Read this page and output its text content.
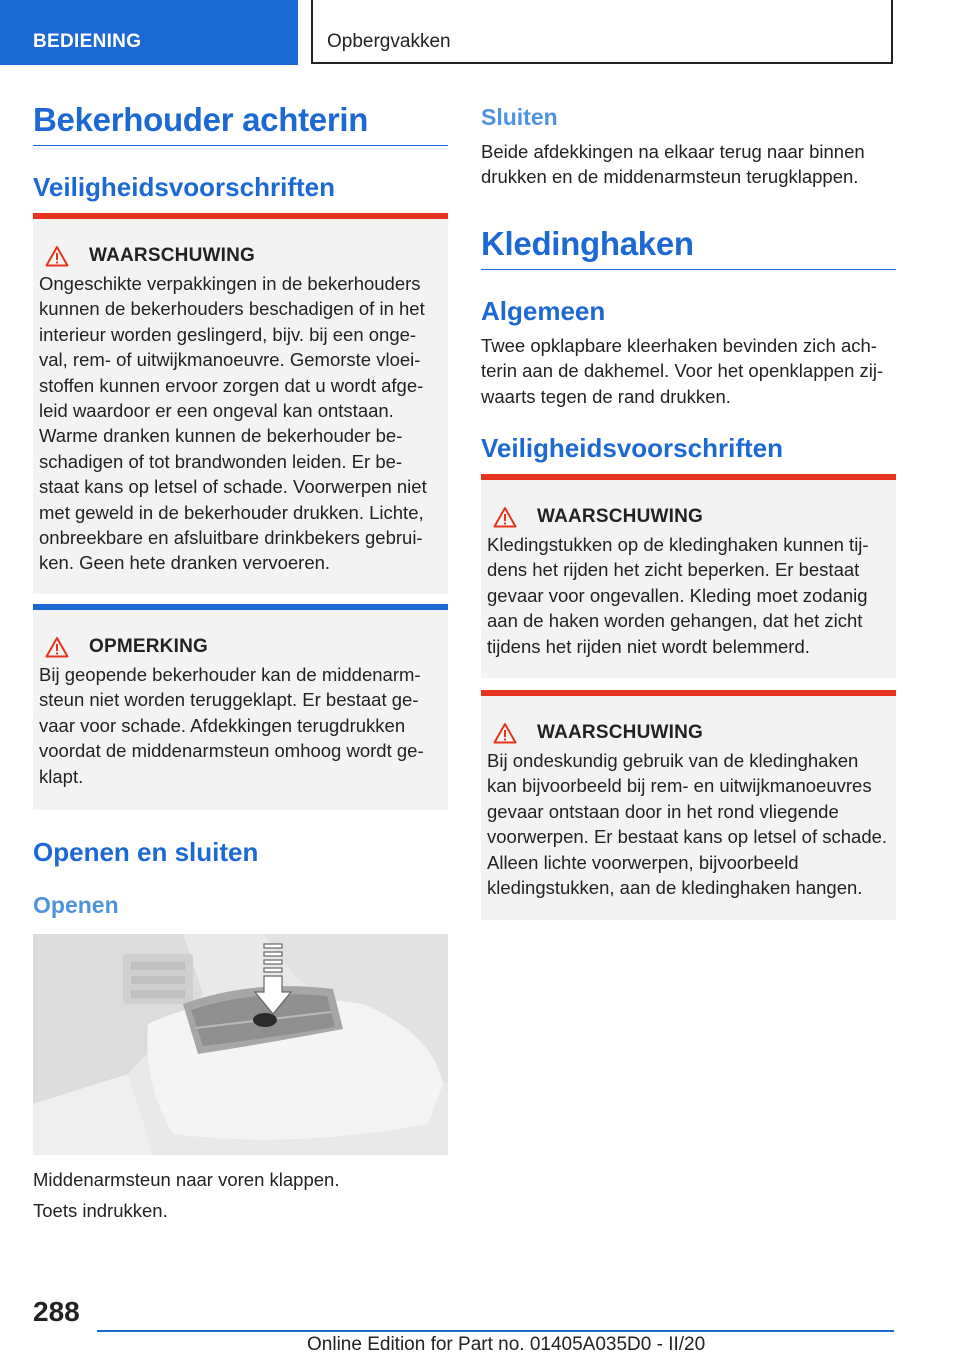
BEDIENING	Opbergvakken
Bekerhouder achterin
Veiligheidsvoorschriften
WAARSCHUWING
Ongeschikte verpakkingen in de bekerhouders kunnen de bekerhouders beschadigen of in het interieur worden geslingerd, bijv. bij een onge-val, rem- of uitwijkmanoeuvre. Gemorste vloei-stoffen kunnen ervoor zorgen dat u wordt afge-leid waardoor er een ongeval kan ontstaan. Warme dranken kunnen de bekerhouder be-schadigen of tot brandwonden leiden. Er be-staat kans op letsel of schade. Voorwerpen niet met geweld in de bekerhouder drukken. Lichte, onbreekbare en afsluitbare drinkbekers gebrui-ken. Geen hete dranken vervoeren.
OPMERKING
Bij geopende bekerhouder kan de middenarm-steun niet worden teruggeklapt. Er bestaat ge-vaar voor schade. Afdekkingen terugdrukken voordat de middenarmsteun omhoog wordt ge-klapt.
Openen en sluiten
Openen

Middenarmsteun naar voren klappen.

Toets indrukken.

Sluiten

Beide afdekkingen na elkaar terug naar binnen drukken en de middenarmsteun terugklappen.

Kledinghaken
Algemeen

Twee opklapbare kleerhaken bevinden zich ach-terin aan de dakhemel. Voor het openklappen zij-waarts tegen de rand drukken.

Veiligheidsvoorschriften
WAARSCHUWING
Kledingstukken op de kledinghaken kunnen tij-dens het rijden het zicht beperken. Er bestaat gevaar voor ongevallen. Kleding moet zodanig aan de haken worden gehangen, dat het zicht tijdens het rijden niet wordt belemmerd.
WAARSCHUWING
Bij ondeskundig gebruik van de kledinghaken kan bijvoorbeeld bij rem- en uitwijkmanoeuvres gevaar ontstaan door in het rond vliegende voorwerpen. Er bestaat kans op letsel of schade. Alleen lichte voorwerpen, bijvoorbeeld kledingstukken, aan de kledinghaken hangen.
288
Online Edition for Part no. 01405A035D0 - II/20
